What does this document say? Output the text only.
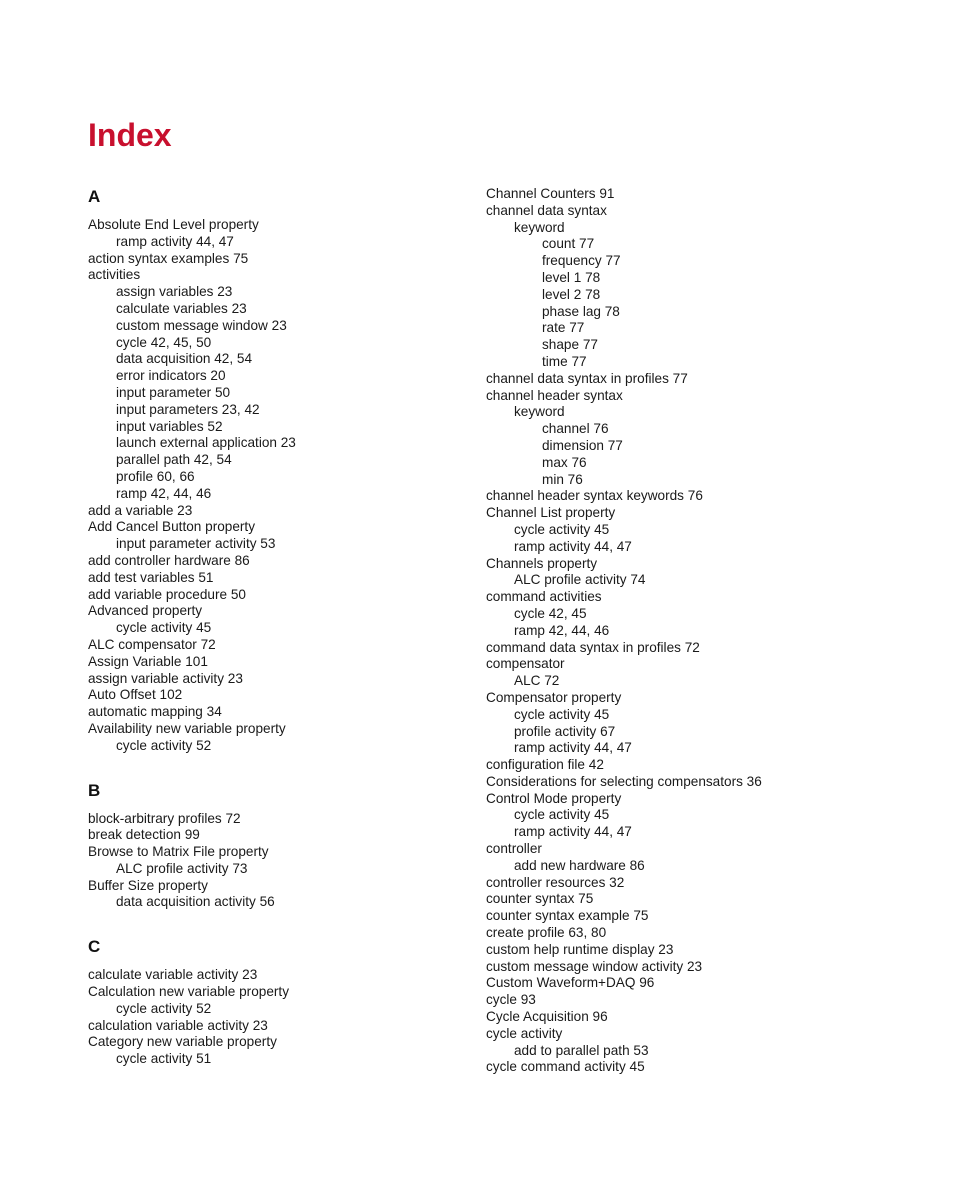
Index
A
Absolute End Level property
ramp activity 44, 47
action syntax examples 75
activities
assign variables 23
calculate variables 23
custom message window 23
cycle 42, 45, 50
data acquisition 42, 54
error indicators 20
input parameter 50
input parameters 23, 42
input variables 52
launch external application 23
parallel path 42, 54
profile 60, 66
ramp 42, 44, 46
add a variable 23
Add Cancel Button property
input parameter activity 53
add controller hardware 86
add test variables 51
add variable procedure 50
Advanced property
cycle activity 45
ALC compensator 72
Assign Variable 101
assign variable activity 23
Auto Offset 102
automatic mapping 34
Availability new variable property
cycle activity 52
B
block-arbitrary profiles 72
break detection 99
Browse to Matrix File property
ALC profile activity 73
Buffer Size property
data acquisition activity 56
C
calculate variable activity 23
Calculation new variable property
cycle activity 52
calculation variable activity 23
Category new variable property
cycle activity 51
Channel Counters 91
channel data syntax
keyword
count 77
frequency 77
level 1 78
level 2 78
phase lag 78
rate 77
shape 77
time 77
channel data syntax in profiles 77
channel header syntax
keyword
channel 76
dimension 77
max 76
min 76
channel header syntax keywords 76
Channel List property
cycle activity 45
ramp activity 44, 47
Channels property
ALC profile activity 74
command activities
cycle 42, 45
ramp 42, 44, 46
command data syntax in profiles 72
compensator
ALC 72
Compensator property
cycle activity 45
profile activity 67
ramp activity 44, 47
configuration file 42
Considerations for selecting compensators 36
Control Mode property
cycle activity 45
ramp activity 44, 47
controller
add new hardware 86
controller resources 32
counter syntax 75
counter syntax example 75
create profile 63, 80
custom help runtime display 23
custom message window activity 23
Custom Waveform+DAQ 96
cycle 93
Cycle Acquisition 96
cycle activity
add to parallel path 53
cycle command activity 45
